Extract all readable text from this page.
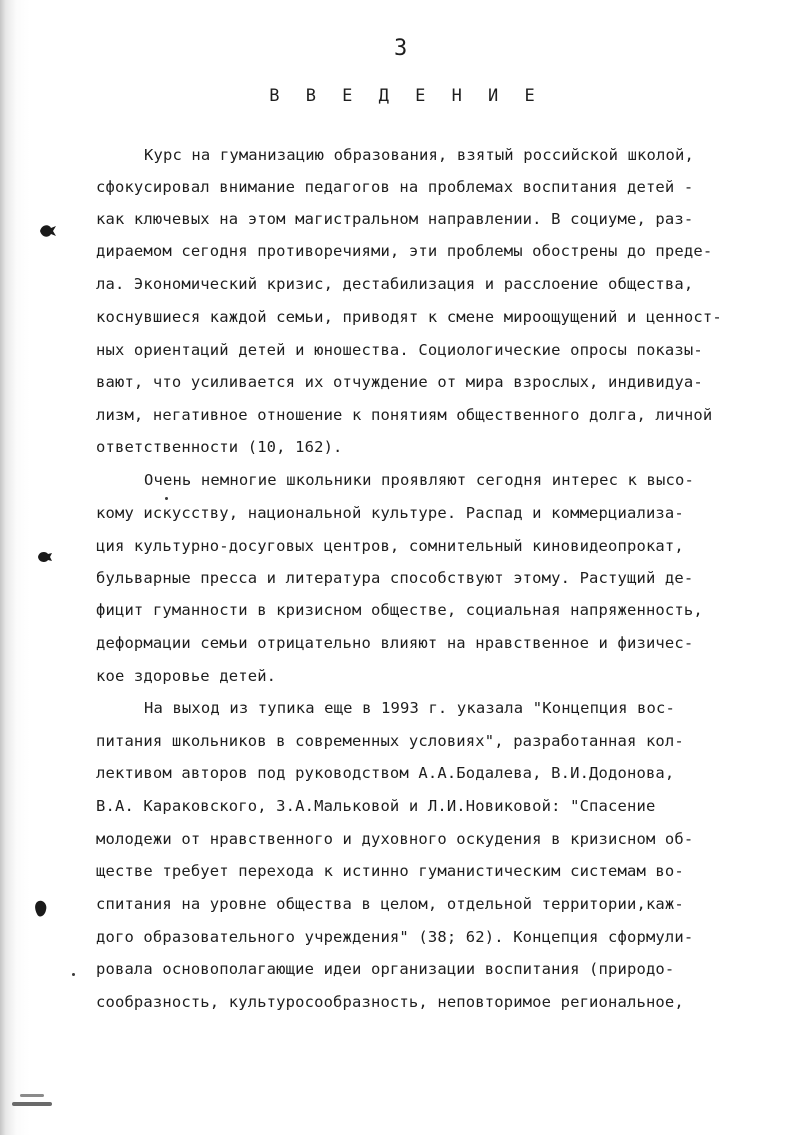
3
В В Е Д Е Н И Е
Курс на гуманизацию образования, взятый российской школой,
сфокусировал внимание педагогов на проблемах воспитания детей -
как ключевых на этом магистральном направлении. В социуме, раз-
дираемом сегодня противоречиями, эти проблемы обострены до преде-
ла. Экономический кризис, дестабилизация и расслоение общества,
коснувшиеся каждой семьи, приводят к смене мироощущений и ценност-
ных ориентаций детей и юношества. Социологические опросы показы-
вают, что усиливается их отчуждение от мира взрослых, индивидуа-
лизм, негативное отношение к понятиям общественного долга, личной
ответственности (10, 162).
Очень немногие школьники проявляют сегодня интерес к высо-
кому искусству, национальной культуре. Распад и коммерциализа-
ция культурно-досуговых центров, сомнительный киновидеопрокат,
бульварные пресса и литература способствуют этому. Растущий де-
фицит гуманности в кризисном обществе, социальная напряженность,
деформации семьи отрицательно влияют на нравственное и физичес-
кое здоровье детей.
На выход из тупика еще в 1993 г. указала "Концепция вос-
питания школьников в современных условиях", разработанная кол-
лективом авторов под руководством А.А.Бодалева, В.И.Додонова,
В.А. Караковского, З.А.Мальковой и Л.И.Новиковой: "Спасение
молодежи от нравственного и духовного оскудения в кризисном об-
ществе требует перехода к истинно гуманистическим системам во-
спитания на уровне общества в целом, отдельной территории,каж-
дого образовательного учреждения" (38; 62). Концепция сформули-
ровала основополагающие идеи организации воспитания (природо-
сообразность, культуросообразность, неповторимое региональное,
